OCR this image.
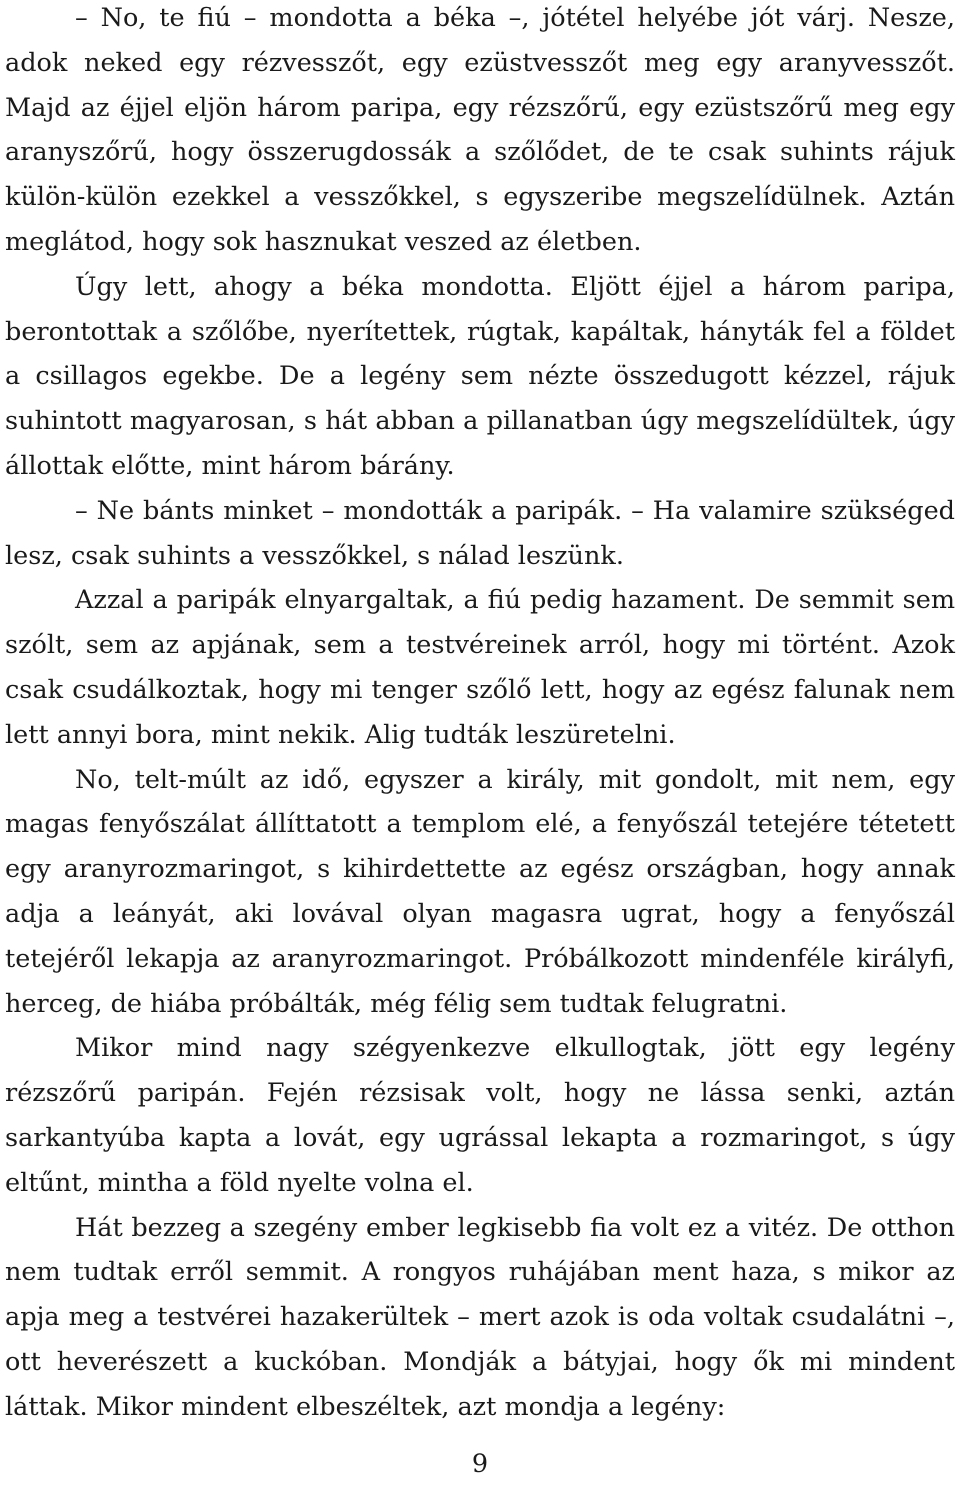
– No, te fiú – mondotta a béka –, jótétel helyébe jót várj. Nesze, adok neked egy rézvesszőt, egy ezüstvesszőt meg egy aranyvesszőt. Majd az éjjel eljön három paripa, egy rézszőrű, egy ezüstszőrű meg egy aranyszőrű, hogy összerugdossák a szőlődet, de te csak suhints rájuk külön-külön ezekkel a vesszőkkel, s egyszeribe megszelídülnek. Aztán meglátod, hogy sok hasznukat veszed az életben.

Úgy lett, ahogy a béka mondotta. Eljött éjjel a három paripa, berontottak a szőlőbe, nyerítettek, rúgtak, kapáltak, hányták fel a földet a csillagos egekbe. De a legény sem nézte összedugott kézzel, rájuk suhintott magyarosan, s hát abban a pillanatban úgy megszelídültek, úgy állottak előtte, mint három bárány.

– Ne bánts minket – mondották a paripák. – Ha valamire szükséged lesz, csak suhints a vesszőkkel, s nálad leszünk.

Azzal a paripák elnyargaltak, a fiú pedig hazament. De semmit sem szólt, sem az apjának, sem a testvéreinek arról, hogy mi történt. Azok csak csudálkoztak, hogy mi tenger szőlő lett, hogy az egész falunak nem lett annyi bora, mint nekik. Alig tudták leszüretelni.

No, telt-múlt az idő, egyszer a király, mit gondolt, mit nem, egy magas fenyőszálat állíttatott a templom elé, a fenyőszál tetejére tétetett egy aranyrozmaringot, s kihirdettette az egész országban, hogy annak adja a leányát, aki lovával olyan magasra ugrat, hogy a fenyőszál tetejéről lekapja az aranyrozmaringot. Próbálkozott mindenféle királyfi, herceg, de hiába próbálták, még félig sem tudtak felugratni.

Mikor mind nagy szégyenkezve elkullogtak, jött egy legény rézszőrű paripán. Fején rézsisak volt, hogy ne lássa senki, aztán sarkantyúba kapta a lovát, egy ugrással lekapta a rozmaringot, s úgy eltűnt, mintha a föld nyelte volna el.

Hát bezzeg a szegény ember legkisebb fia volt ez a vitéz. De otthon nem tudtak erről semmit. A rongyos ruhájában ment haza, s mikor az apja meg a testvérei hazakerültek – mert azok is oda voltak csudalátni –, ott heverészett a kuckóban. Mondják a bátyjai, hogy ők mi mindent láttak. Mikor mindent elbeszéltek, azt mondja a legény:

9
